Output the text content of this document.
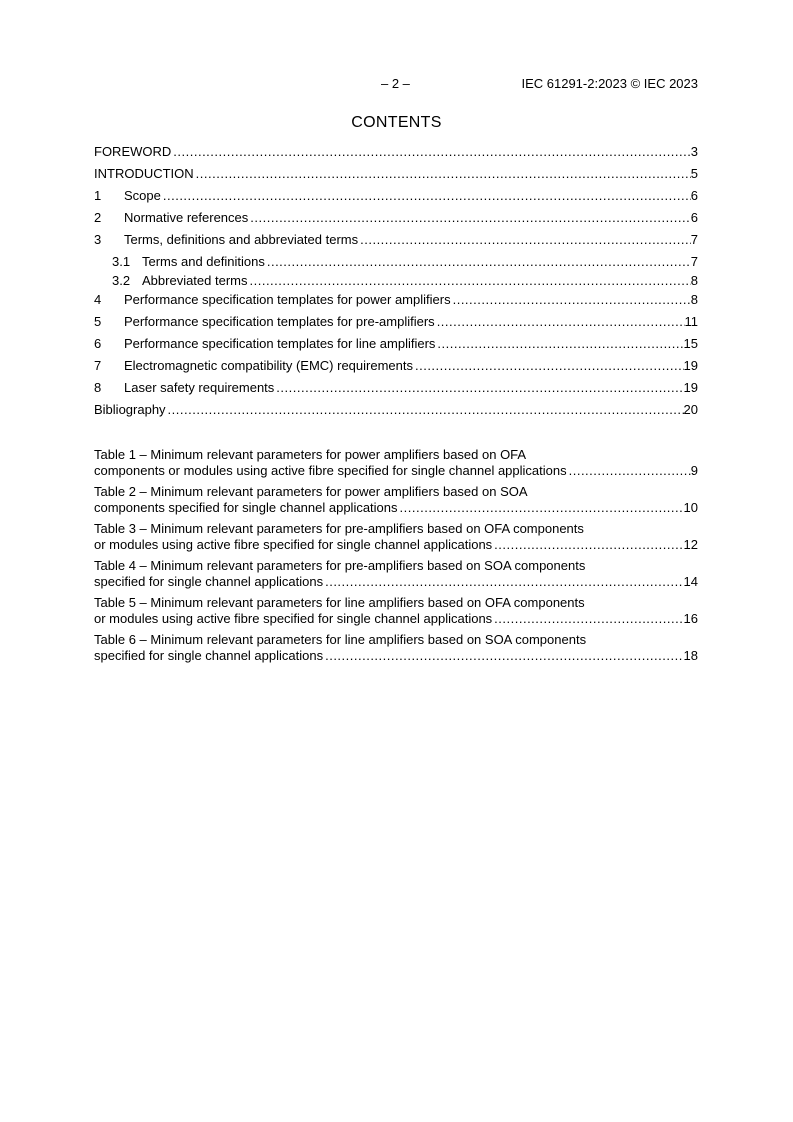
– 2 –	IEC 61291-2:2023 © IEC 2023
CONTENTS
FOREWORD .....	3
INTRODUCTION .....	5
1	Scope .....	6
2	Normative references .....	6
3	Terms, definitions and abbreviated terms .....	7
3.1 Terms and definitions .....	7
3.2 Abbreviated terms .....	8
4	Performance specification templates for power amplifiers .....	8
5	Performance specification templates for pre-amplifiers .....	11
6	Performance specification templates for line amplifiers .....	15
7	Electromagnetic compatibility (EMC) requirements .....	19
8	Laser safety requirements .....	19
Bibliography .....	20
Table 1 – Minimum relevant parameters for power amplifiers based on OFA
components or modules using active fibre specified for single channel applications .....	9
Table 2 – Minimum relevant parameters for power amplifiers based on SOA
components specified for single channel applications .....	10
Table 3 – Minimum relevant parameters for pre-amplifiers based on OFA components
or modules using active fibre specified for single channel applications .....	12
Table 4 – Minimum relevant parameters for pre-amplifiers based on SOA components
specified for single channel applications .....	14
Table 5 – Minimum relevant parameters for line amplifiers based on OFA components
or modules using active fibre specified for single channel applications .....	16
Table 6 – Minimum relevant parameters for line amplifiers based on SOA components
specified for single channel applications .....	18
